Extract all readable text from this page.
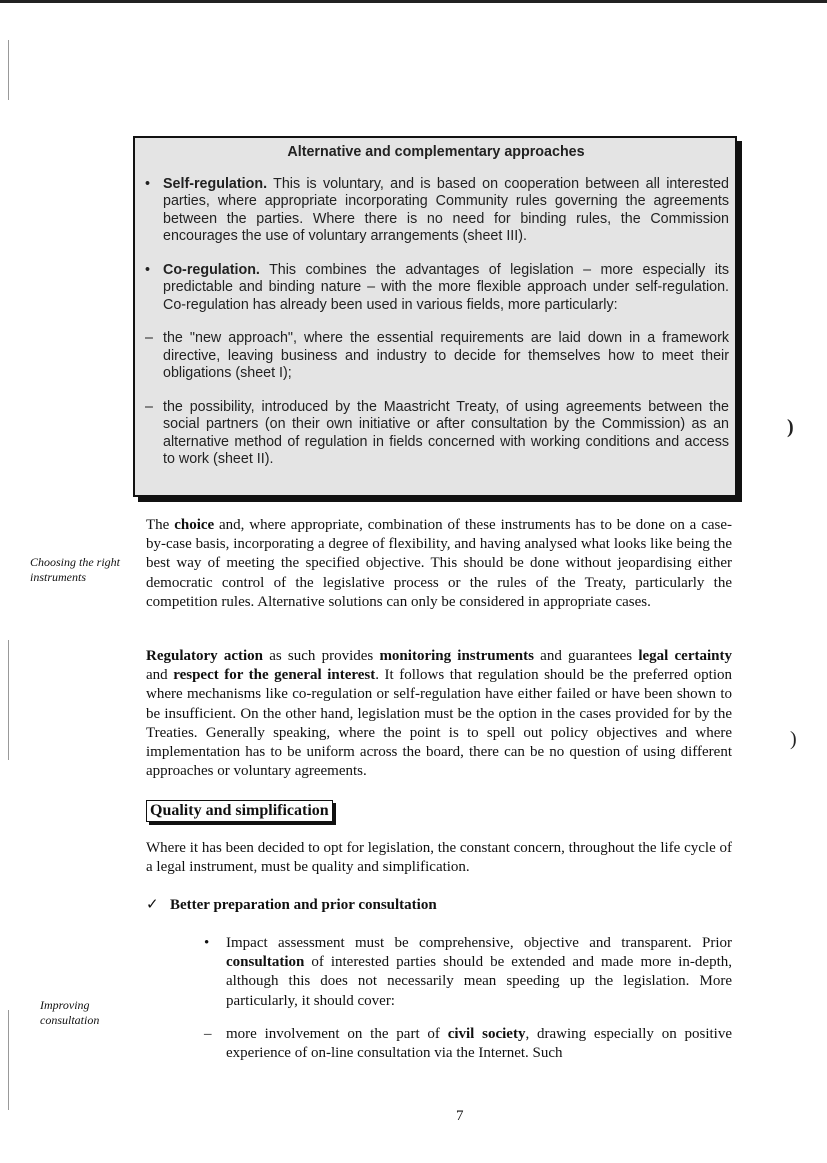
)
)
Alternative and complementary approaches
• Self-regulation. This is voluntary, and is based on cooperation between all interested parties, where appropriate incorporating Community rules governing the agreements between the parties. Where there is no need for binding rules, the Commission encourages the use of voluntary arrangements (sheet III).
• Co-regulation. This combines the advantages of legislation – more especially its predictable and binding nature – with the more flexible approach under self-regulation. Co-regulation has already been used in various fields, more particularly:
– the "new approach", where the essential requirements are laid down in a framework directive, leaving business and industry to decide for themselves how to meet their obligations (sheet I);
– the possibility, introduced by the Maastricht Treaty, of using agreements between the social partners (on their own initiative or after consultation by the Commission) as an alternative method of regulation in fields concerned with working conditions and access to work (sheet II).
Choosing the right instruments
The choice and, where appropriate, combination of these instruments has to be done on a case-by-case basis, incorporating a degree of flexibility, and having analysed what looks like being the best way of meeting the specified objective. This should be done without jeopardising either democratic control of the legislative process or the rules of the Treaty, particularly the competition rules. Alternative solutions can only be considered in appropriate cases.
Regulatory action as such provides monitoring instruments and guarantees legal certainty and respect for the general interest. It follows that regulation should be the preferred option where mechanisms like co-regulation or self-regulation have either failed or have been shown to be insufficient. On the other hand, legislation must be the option in the cases provided for by the Treaties. Generally speaking, where the point is to spell out policy objectives and where implementation has to be uniform across the board, there can be no question of using different approaches or voluntary agreements.
Quality and simplification
Where it has been decided to opt for legislation, the constant concern, throughout the life cycle of a legal instrument, must be quality and simplification.
✓ Better preparation and prior consultation
Improving consultation
• Impact assessment must be comprehensive, objective and transparent. Prior consultation of interested parties should be extended and made more in-depth, although this does not necessarily mean speeding up the legislation. More particularly, it should cover:
– more involvement on the part of civil society, drawing especially on positive experience of on-line consultation via the Internet. Such
7
